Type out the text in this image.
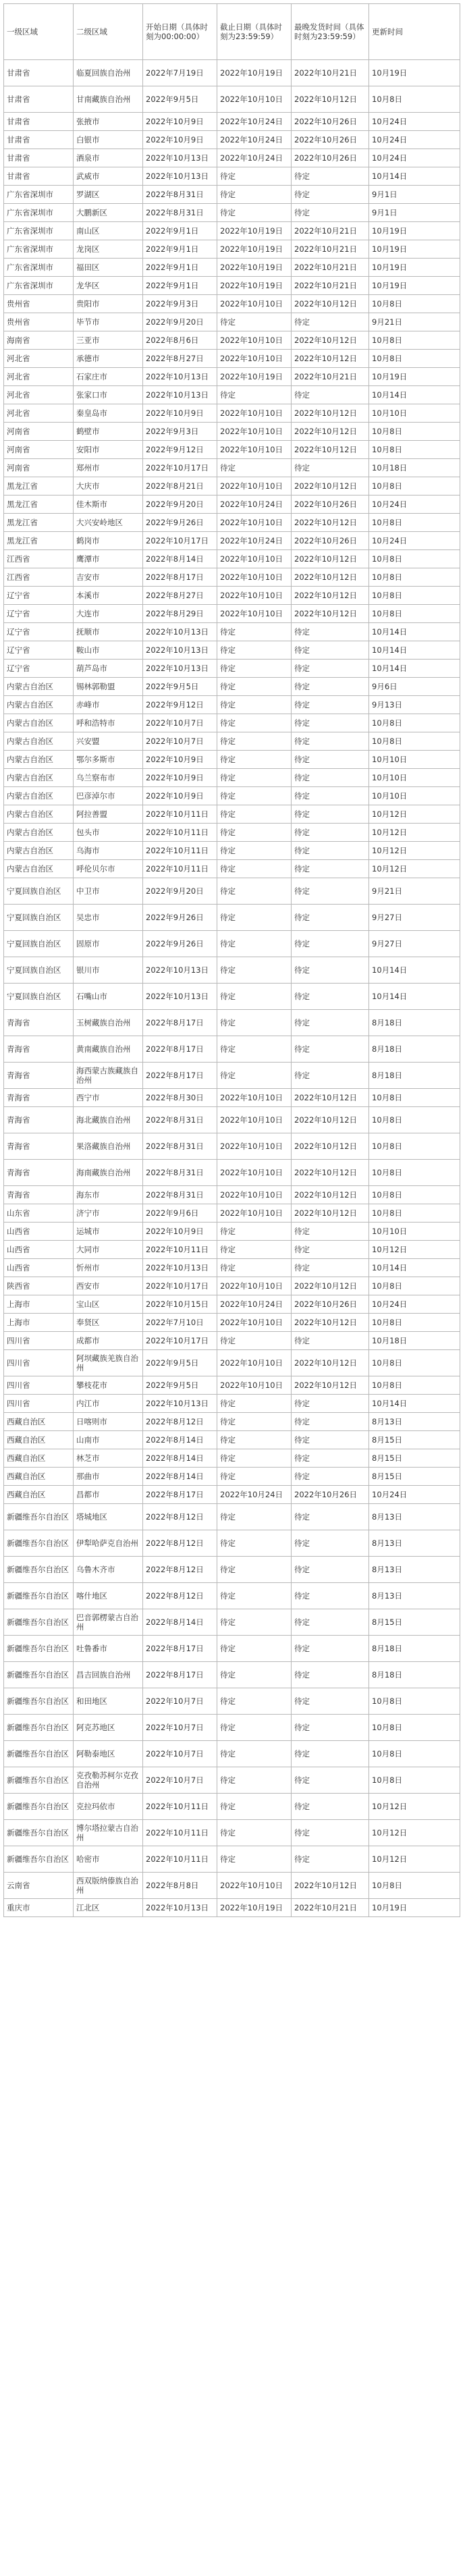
一级区域	二级区域	开始日期（具体时刻为00:00:00）	截止日期（具体时刻为23:59:59）	最晚发货时间（具体时刻为23:59:59）	更新时间
甘肃省	临夏回族自治州	2022年7月19日	2022年10月19日	2022年10月21日	10月19日
甘肃省	甘南藏族自治州	2022年9月5日	2022年10月10日	2022年10月12日	10月8日
甘肃省	张掖市	2022年10月9日	2022年10月24日	2022年10月26日	10月24日
甘肃省	白银市	2022年10月9日	2022年10月24日	2022年10月26日	10月24日
甘肃省	酒泉市	2022年10月13日	2022年10月24日	2022年10月26日	10月24日
甘肃省	武威市	2022年10月13日	待定	待定	10月14日
广东省深圳市	罗湖区	2022年8月31日	待定	待定	9月1日
广东省深圳市	大鹏新区	2022年8月31日	待定	待定	9月1日
广东省深圳市	南山区	2022年9月1日	2022年10月19日	2022年10月21日	10月19日
广东省深圳市	龙岗区	2022年9月1日	2022年10月19日	2022年10月21日	10月19日
广东省深圳市	福田区	2022年9月1日	2022年10月19日	2022年10月21日	10月19日
广东省深圳市	龙华区	2022年9月1日	2022年10月19日	2022年10月21日	10月19日
贵州省	贵阳市	2022年9月3日	2022年10月10日	2022年10月12日	10月8日
贵州省	毕节市	2022年9月20日	待定	待定	9月21日
海南省	三亚市	2022年8月6日	2022年10月10日	2022年10月12日	10月8日
河北省	承德市	2022年8月27日	2022年10月10日	2022年10月12日	10月8日
河北省	石家庄市	2022年10月13日	2022年10月19日	2022年10月21日	10月19日
河北省	张家口市	2022年10月13日	待定	待定	10月14日
河北省	秦皇岛市	2022年10月9日	2022年10月10日	2022年10月12日	10月10日
河南省	鹤壁市	2022年9月3日	2022年10月10日	2022年10月12日	10月8日
河南省	安阳市	2022年9月12日	2022年10月10日	2022年10月12日	10月8日
河南省	郑州市	2022年10月17日	待定	待定	10月18日
黑龙江省	大庆市	2022年8月21日	2022年10月10日	2022年10月12日	10月8日
黑龙江省	佳木斯市	2022年9月20日	2022年10月24日	2022年10月26日	10月24日
黑龙江省	大兴安岭地区	2022年9月26日	2022年10月10日	2022年10月12日	10月8日
黑龙江省	鹤岗市	2022年10月17日	2022年10月24日	2022年10月26日	10月24日
江西省	鹰潭市	2022年8月14日	2022年10月10日	2022年10月12日	10月8日
江西省	吉安市	2022年8月17日	2022年10月10日	2022年10月12日	10月8日
辽宁省	本溪市	2022年8月27日	2022年10月10日	2022年10月12日	10月8日
辽宁省	大连市	2022年8月29日	2022年10月10日	2022年10月12日	10月8日
辽宁省	抚顺市	2022年10月13日	待定	待定	10月14日
辽宁省	鞍山市	2022年10月13日	待定	待定	10月14日
辽宁省	葫芦岛市	2022年10月13日	待定	待定	10月14日
内蒙古自治区	锡林郭勒盟	2022年9月5日	待定	待定	9月6日
内蒙古自治区	赤峰市	2022年9月12日	待定	待定	9月13日
内蒙古自治区	呼和浩特市	2022年10月7日	待定	待定	10月8日
内蒙古自治区	兴安盟	2022年10月7日	待定	待定	10月8日
内蒙古自治区	鄂尔多斯市	2022年10月9日	待定	待定	10月10日
内蒙古自治区	乌兰察布市	2022年10月9日	待定	待定	10月10日
内蒙古自治区	巴彦淖尔市	2022年10月9日	待定	待定	10月10日
内蒙古自治区	阿拉善盟	2022年10月11日	待定	待定	10月12日
内蒙古自治区	包头市	2022年10月11日	待定	待定	10月12日
内蒙古自治区	乌海市	2022年10月11日	待定	待定	10月12日
内蒙古自治区	呼伦贝尔市	2022年10月11日	待定	待定	10月12日
宁夏回族自治区	中卫市	2022年9月20日	待定	待定	9月21日
宁夏回族自治区	吴忠市	2022年9月26日	待定	待定	9月27日
宁夏回族自治区	固原市	2022年9月26日	待定	待定	9月27日
宁夏回族自治区	银川市	2022年10月13日	待定	待定	10月14日
宁夏回族自治区	石嘴山市	2022年10月13日	待定	待定	10月14日
青海省	玉树藏族自治州	2022年8月17日	待定	待定	8月18日
青海省	黄南藏族自治州	2022年8月17日	待定	待定	8月18日
青海省	海西蒙古族藏族自治州	2022年8月17日	待定	待定	8月18日
青海省	西宁市	2022年8月30日	2022年10月10日	2022年10月12日	10月8日
青海省	海北藏族自治州	2022年8月31日	2022年10月10日	2022年10月12日	10月8日
青海省	果洛藏族自治州	2022年8月31日	2022年10月10日	2022年10月12日	10月8日
青海省	海南藏族自治州	2022年8月31日	2022年10月10日	2022年10月12日	10月8日
青海省	海东市	2022年8月31日	2022年10月10日	2022年10月12日	10月8日
山东省	济宁市	2022年9月6日	2022年10月10日	2022年10月12日	10月8日
山西省	运城市	2022年10月9日	待定	待定	10月10日
山西省	大同市	2022年10月11日	待定	待定	10月12日
山西省	忻州市	2022年10月13日	待定	待定	10月14日
陕西省	西安市	2022年10月17日	2022年10月10日	2022年10月12日	10月8日
上海市	宝山区	2022年10月15日	2022年10月24日	2022年10月26日	10月24日
上海市	奉贤区	2022年7月10日	2022年10月10日	2022年10月12日	10月8日
四川省	成都市	2022年10月17日	待定	待定	10月18日
四川省	阿坝藏族羌族自治州	2022年9月5日	2022年10月10日	2022年10月12日	10月8日
四川省	攀枝花市	2022年9月5日	2022年10月10日	2022年10月12日	10月8日
四川省	内江市	2022年10月13日	待定	待定	10月14日
西藏自治区	日喀则市	2022年8月12日	待定	待定	8月13日
西藏自治区	山南市	2022年8月14日	待定	待定	8月15日
西藏自治区	林芝市	2022年8月14日	待定	待定	8月15日
西藏自治区	那曲市	2022年8月14日	待定	待定	8月15日
西藏自治区	昌都市	2022年8月17日	2022年10月24日	2022年10月26日	10月24日
新疆维吾尔自治区	塔城地区	2022年8月12日	待定	待定	8月13日
新疆维吾尔自治区	伊犁哈萨克自治州	2022年8月12日	待定	待定	8月13日
新疆维吾尔自治区	乌鲁木齐市	2022年8月12日	待定	待定	8月13日
新疆维吾尔自治区	喀什地区	2022年8月12日	待定	待定	8月13日
新疆维吾尔自治区	巴音郭楞蒙古自治州	2022年8月14日	待定	待定	8月15日
新疆维吾尔自治区	吐鲁番市	2022年8月17日	待定	待定	8月18日
新疆维吾尔自治区	昌吉回族自治州	2022年8月17日	待定	待定	8月18日
新疆维吾尔自治区	和田地区	2022年10月7日	待定	待定	10月8日
新疆维吾尔自治区	阿克苏地区	2022年10月7日	待定	待定	10月8日
新疆维吾尔自治区	阿勒泰地区	2022年10月7日	待定	待定	10月8日
新疆维吾尔自治区	克孜勒苏柯尔克孜自治州	2022年10月7日	待定	待定	10月8日
新疆维吾尔自治区	克拉玛依市	2022年10月11日	待定	待定	10月12日
新疆维吾尔自治区	博尔塔拉蒙古自治州	2022年10月11日	待定	待定	10月12日
新疆维吾尔自治区	哈密市	2022年10月11日	待定	待定	10月12日
云南省	西双版纳傣族自治州	2022年8月8日	2022年10月10日	2022年10月12日	10月8日
重庆市	江北区	2022年10月13日	2022年10月19日	2022年10月21日	10月19日
